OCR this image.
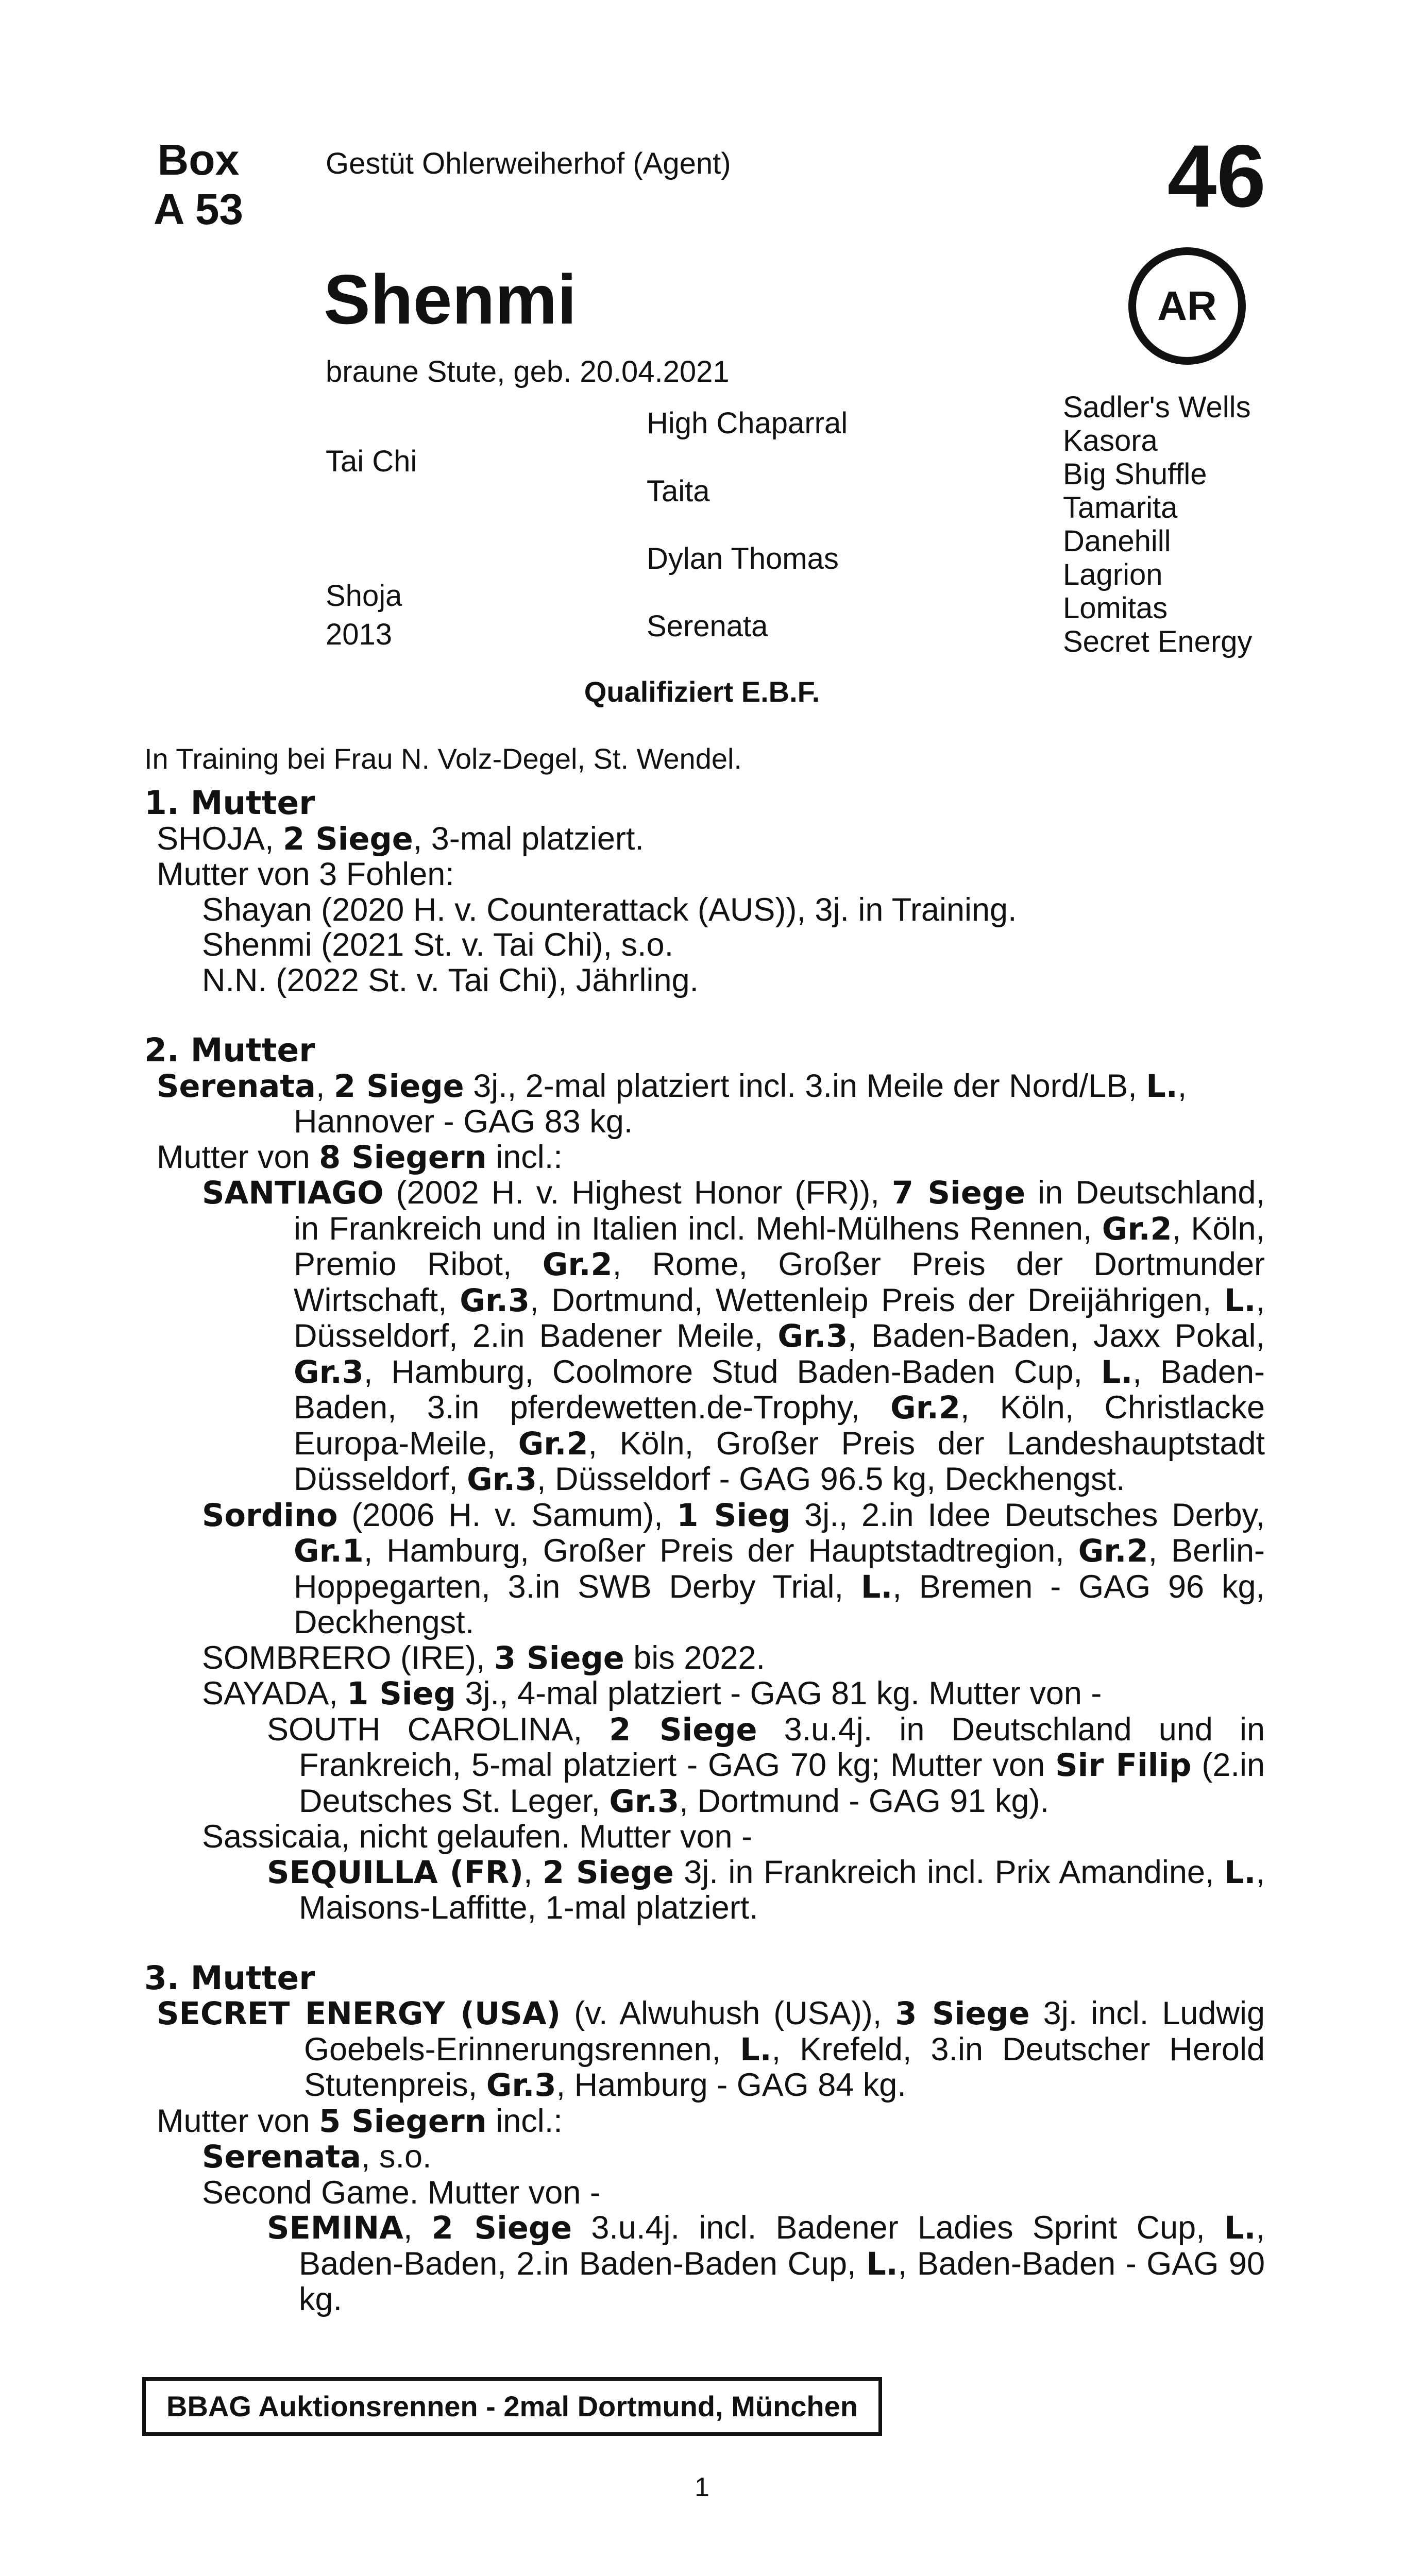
Box
A 53
Gestüt Ohlerweiherhof (Agent)	46
AR
Shenmi
braune Stute, geb. 20.04.2021
Tai Chi
Shoja
2013
High Chaparral
Taita
Dylan Thomas
Serenata
Sadler's Wells
Kasora
Big Shuffle
Tamarita
Danehill
Lagrion
Lomitas
Secret Energy
Qualifiziert E.B.F.
In Training bei Frau N. Volz-Degel, St. Wendel.
1. Mutter
SHOJA, 2 Siege, 3-mal platziert.
Mutter von 3 Fohlen:
Shayan (2020 H. v. Counterattack (AUS)), 3j. in Training.
Shenmi (2021 St. v. Tai Chi), s.o.
N.N. (2022 St. v. Tai Chi), Jährling.
2. Mutter
Serenata, 2 Siege 3j., 2-mal platziert incl. 3.in Meile der Nord/LB, L., Hannover - GAG 83 kg.
Mutter von 8 Siegern incl.:
SANTIAGO (2002 H. v. Highest Honor (FR)), 7 Siege in Deutschland, in Frankreich und in Italien incl. Mehl-Mülhens Rennen, Gr.2, Köln, Premio Ribot, Gr.2, Rome, Großer Preis der Dortmunder Wirtschaft, Gr.3, Dortmund, Wettenleip Preis der Dreijährigen, L., Düsseldorf, 2.in Badener Meile, Gr.3, Baden-Baden, Jaxx Pokal, Gr.3, Hamburg, Coolmore Stud Baden-Baden Cup, L., Baden-Baden, 3.in pferdewetten.de-Trophy, Gr.2, Köln, Christlacke Europa-Meile, Gr.2, Köln, Großer Preis der Landeshauptstadt Düsseldorf, Gr.3, Düsseldorf - GAG 96.5 kg, Deckhengst.
Sordino (2006 H. v. Samum), 1 Sieg 3j., 2.in Idee Deutsches Derby, Gr.1, Hamburg, Großer Preis der Hauptstadtregion, Gr.2, Berlin-Hoppegarten, 3.in SWB Derby Trial, L., Bremen - GAG 96 kg, Deckhengst.
SOMBRERO (IRE), 3 Siege bis 2022.
SAYADA, 1 Sieg 3j., 4-mal platziert - GAG 81 kg. Mutter von -
SOUTH CAROLINA, 2 Siege 3.u.4j. in Deutschland und in Frankreich, 5-mal platziert - GAG 70 kg; Mutter von Sir Filip (2.in Deutsches St. Leger, Gr.3, Dortmund - GAG 91 kg).
Sassicaia, nicht gelaufen. Mutter von -
SEQUILLA (FR), 2 Siege 3j. in Frankreich incl. Prix Amandine, L., Maisons-Laffitte, 1-mal platziert.
3. Mutter
SECRET ENERGY (USA) (v. Alwuhush (USA)), 3 Siege 3j. incl. Ludwig Goebels-Erinnerungsrennen, L., Krefeld, 3.in Deutscher Herold Stutenpreis, Gr.3, Hamburg - GAG 84 kg.
Mutter von 5 Siegern incl.:
Serenata, s.o.
Second Game. Mutter von -
SEMINA, 2 Siege 3.u.4j. incl. Badener Ladies Sprint Cup, L., Baden-Baden, 2.in Baden-Baden Cup, L., Baden-Baden - GAG 90 kg.
BBAG Auktionsrennen - 2mal Dortmund, München
1
